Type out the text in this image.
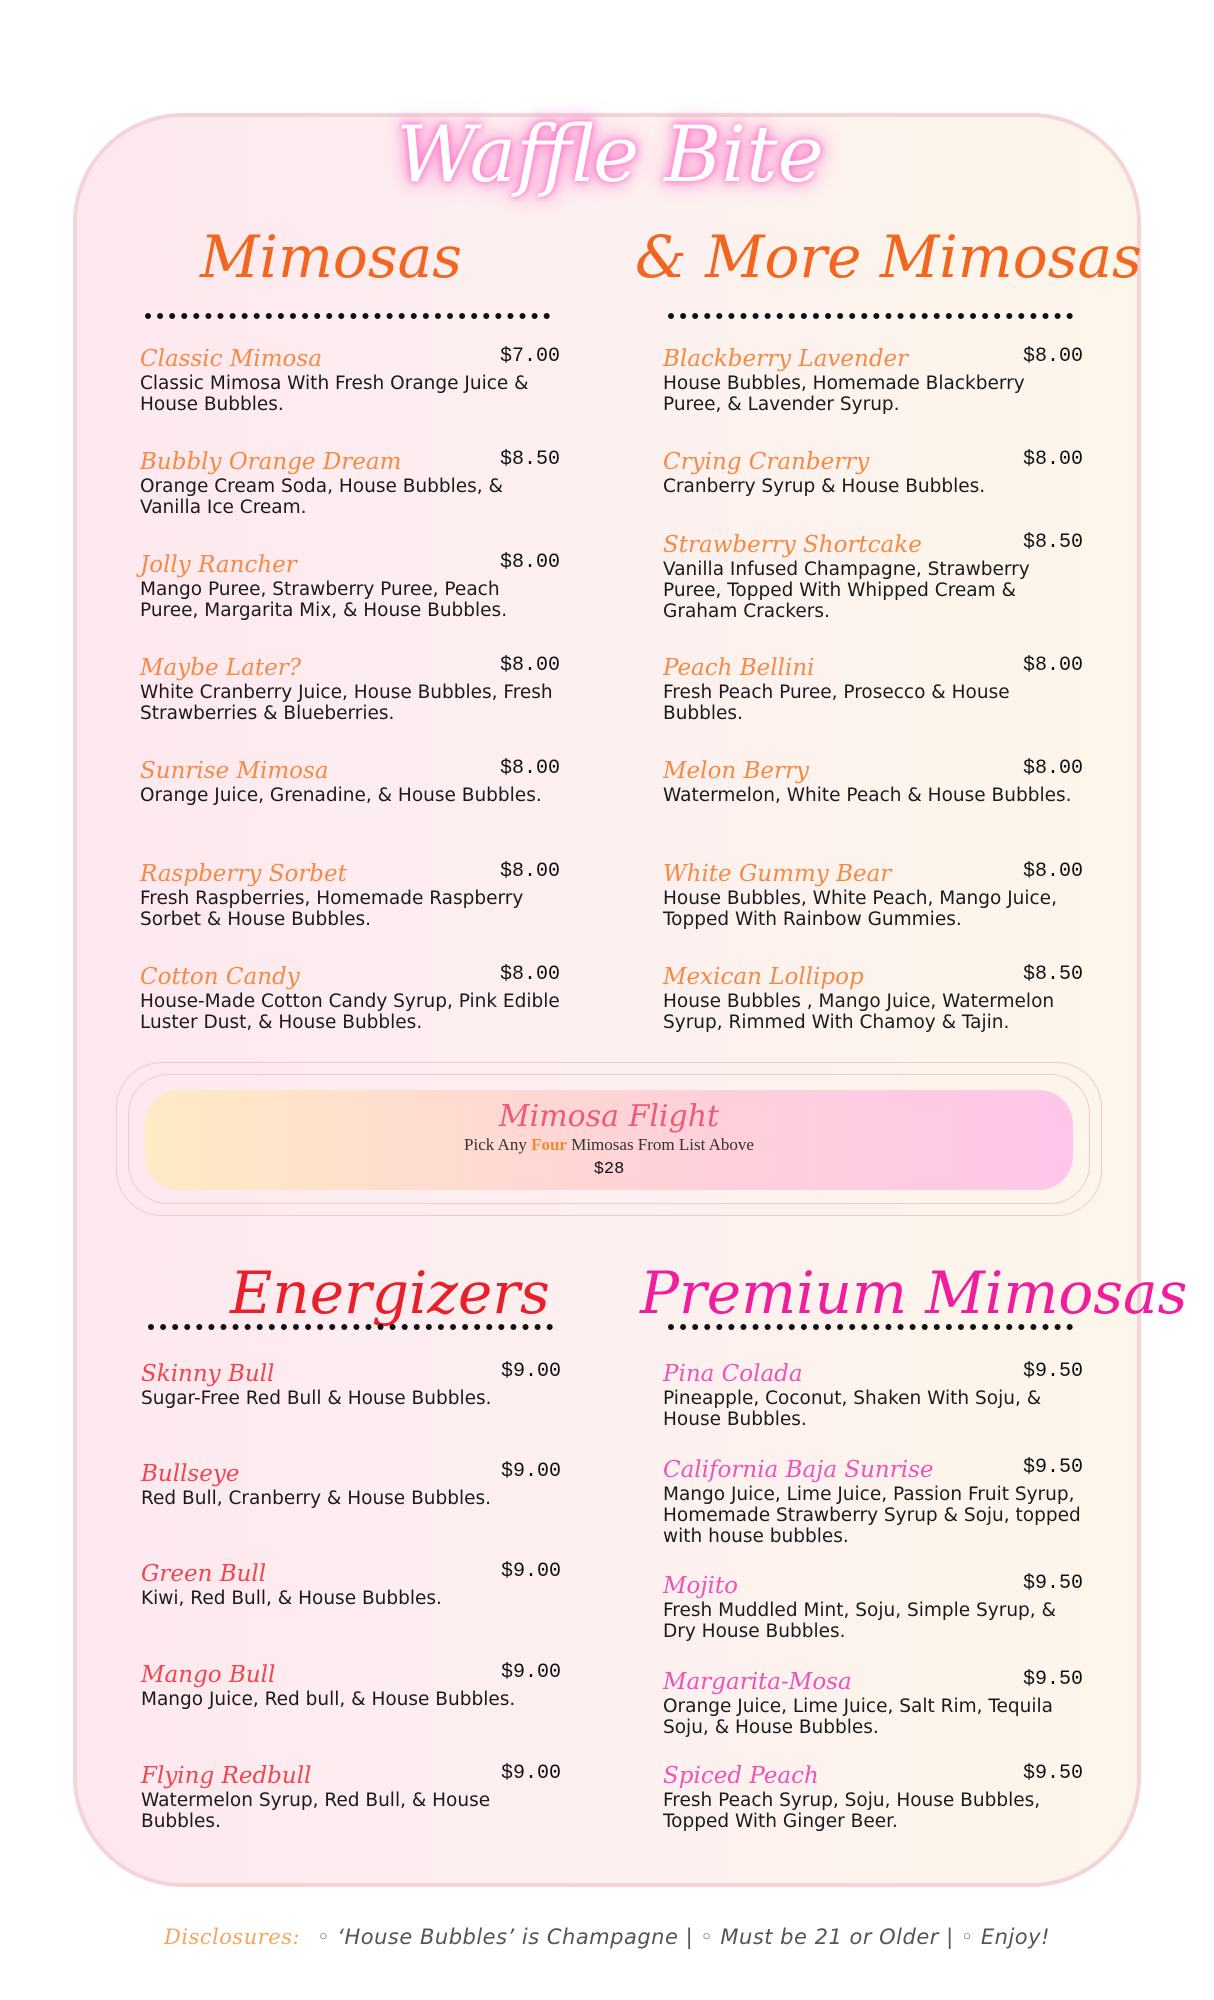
Waffle Bite
Mimosas	& More Mimosas
Energizers Premium Mimosas
Classic Mimosa	$7.00
Classic Mimosa With Fresh Orange Juice & House Bubbles.
Bubbly Orange Dream	$8.50
Orange Cream Soda, House Bubbles, & Vanilla Ice Cream.
Jolly Rancher	$8.00
Mango Puree, Strawberry Puree, Peach Puree, Margarita Mix, & House Bubbles.
Maybe Later?	$8.00
White Cranberry Juice, House Bubbles, Fresh Strawberries & Blueberries.
Sunrise Mimosa	$8.00
Orange Juice, Grenadine, & House Bubbles.
Raspberry Sorbet	$8.00
Fresh Raspberries, Homemade Raspberry Sorbet & House Bubbles.
Cotton Candy	$8.00
House-Made Cotton Candy Syrup, Pink Edible Luster Dust, & House Bubbles.
Blackberry Lavender	$8.00
House Bubbles, Homemade Blackberry Puree, & Lavender Syrup.
Crying Cranberry	$8.00
Cranberry Syrup & House Bubbles.
Strawberry Shortcake	$8.50
Vanilla Infused Champagne, Strawberry Puree, Topped With Whipped Cream & Graham Crackers.
Peach Bellini	$8.00
Fresh Peach Puree, Prosecco & House Bubbles.
Melon Berry	$8.00
Watermelon, White Peach & House Bubbles.
White Gummy Bear	$8.00
House Bubbles, White Peach, Mango Juice, Topped With Rainbow Gummies.
Mexican Lollipop	$8.50
House Bubbles , Mango Juice, Watermelon Syrup, Rimmed With Chamoy & Tajin.
Skinny Bull	$9.00
Sugar-Free Red Bull & House Bubbles.
Bullseye	$9.00
Red Bull, Cranberry & House Bubbles.
Green Bull	$9.00
Kiwi, Red Bull, & House Bubbles.
Mango Bull	$9.00
Mango Juice, Red bull, & House Bubbles.
Flying Redbull	$9.00
Watermelon Syrup, Red Bull, & House Bubbles.
Pina Colada	$9.50
Pineapple, Coconut, Shaken With Soju, & House Bubbles.
California Baja Sunrise	$9.50
Mango Juice, Lime Juice, Passion Fruit Syrup, Homemade Strawberry Syrup & Soju, topped with house bubbles.
Mojito	$9.50
Fresh Muddled Mint, Soju, Simple Syrup, & Dry House Bubbles.
Margarita-Mosa	$9.50
Orange Juice, Lime Juice, Salt Rim, Tequila Soju, & House Bubbles.
Spiced Peach	$9.50
Fresh Peach Syrup, Soju, House Bubbles, Topped With Ginger Beer.
Mimosa Flight
Pick Any Four Mimosas From List Above
$28
Disclosures: ◦ ‘House Bubbles’ is Champagne | ◦ Must be 21 or Older | ◦ Enjoy!
